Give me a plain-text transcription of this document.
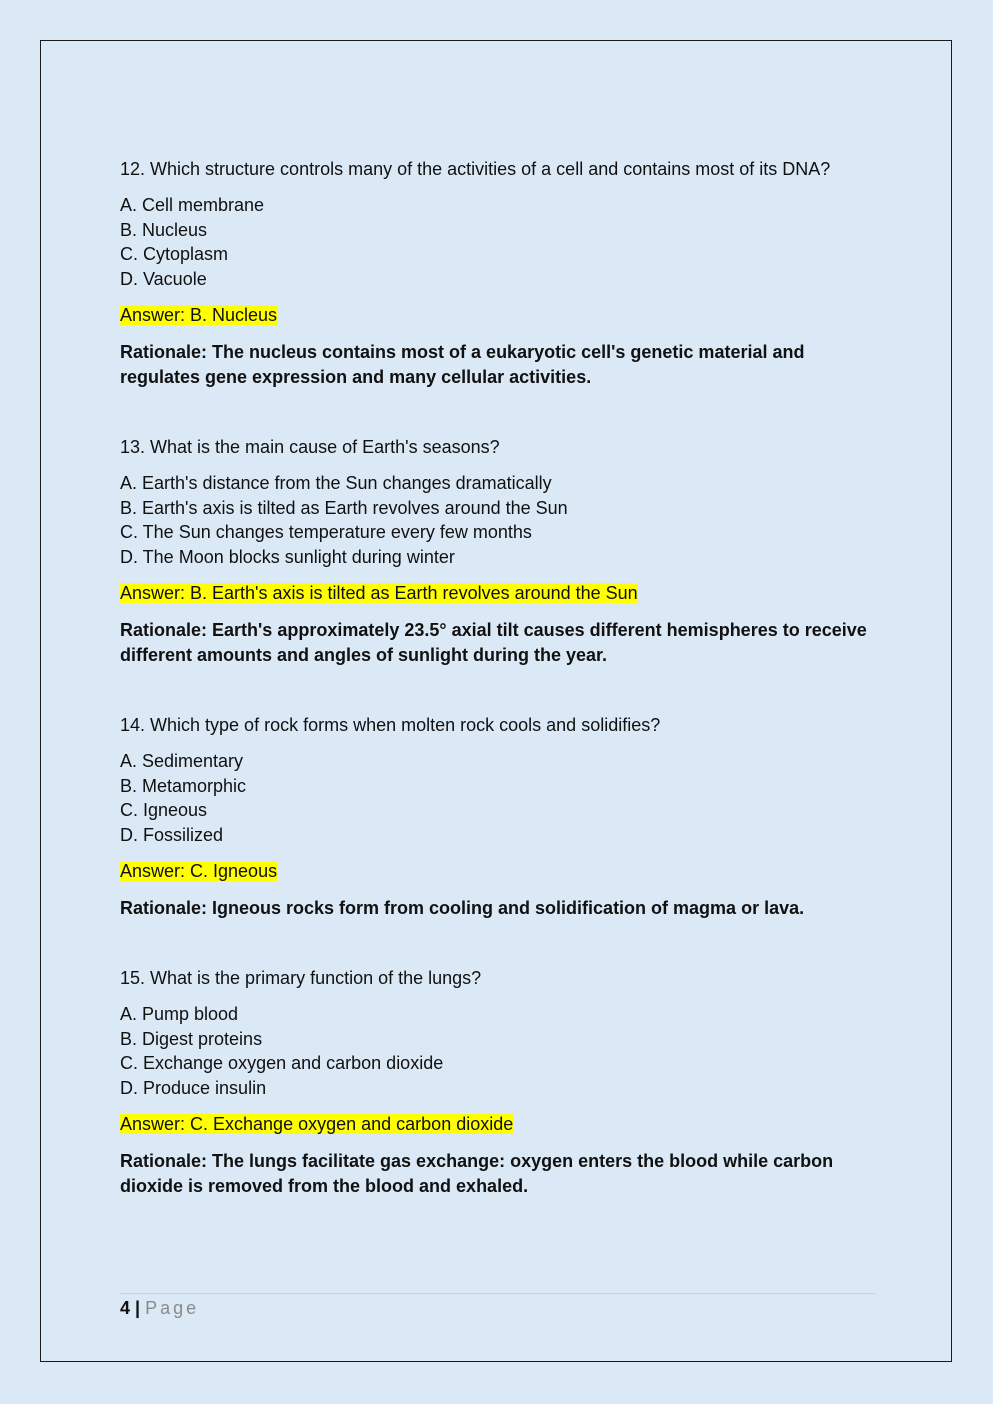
12. Which structure controls many of the activities of a cell and contains most of its DNA?

A. Cell membrane
B. Nucleus
C. Cytoplasm
D. Vacuole

Answer: B. Nucleus

Rationale: The nucleus contains most of a eukaryotic cell's genetic material and regulates gene expression and many cellular activities.

13. What is the main cause of Earth's seasons?

A. Earth's distance from the Sun changes dramatically
B. Earth's axis is tilted as Earth revolves around the Sun
C. The Sun changes temperature every few months
D. The Moon blocks sunlight during winter

Answer: B. Earth's axis is tilted as Earth revolves around the Sun

Rationale: Earth's approximately 23.5° axial tilt causes different hemispheres to receive different amounts and angles of sunlight during the year.

14. Which type of rock forms when molten rock cools and solidifies?

A. Sedimentary
B. Metamorphic
C. Igneous
D. Fossilized

Answer: C. Igneous

Rationale: Igneous rocks form from cooling and solidification of magma or lava.

15. What is the primary function of the lungs?

A. Pump blood
B. Digest proteins
C. Exchange oxygen and carbon dioxide
D. Produce insulin

Answer: C. Exchange oxygen and carbon dioxide

Rationale: The lungs facilitate gas exchange: oxygen enters the blood while carbon dioxide is removed from the blood and exhaled.

4 | Page
